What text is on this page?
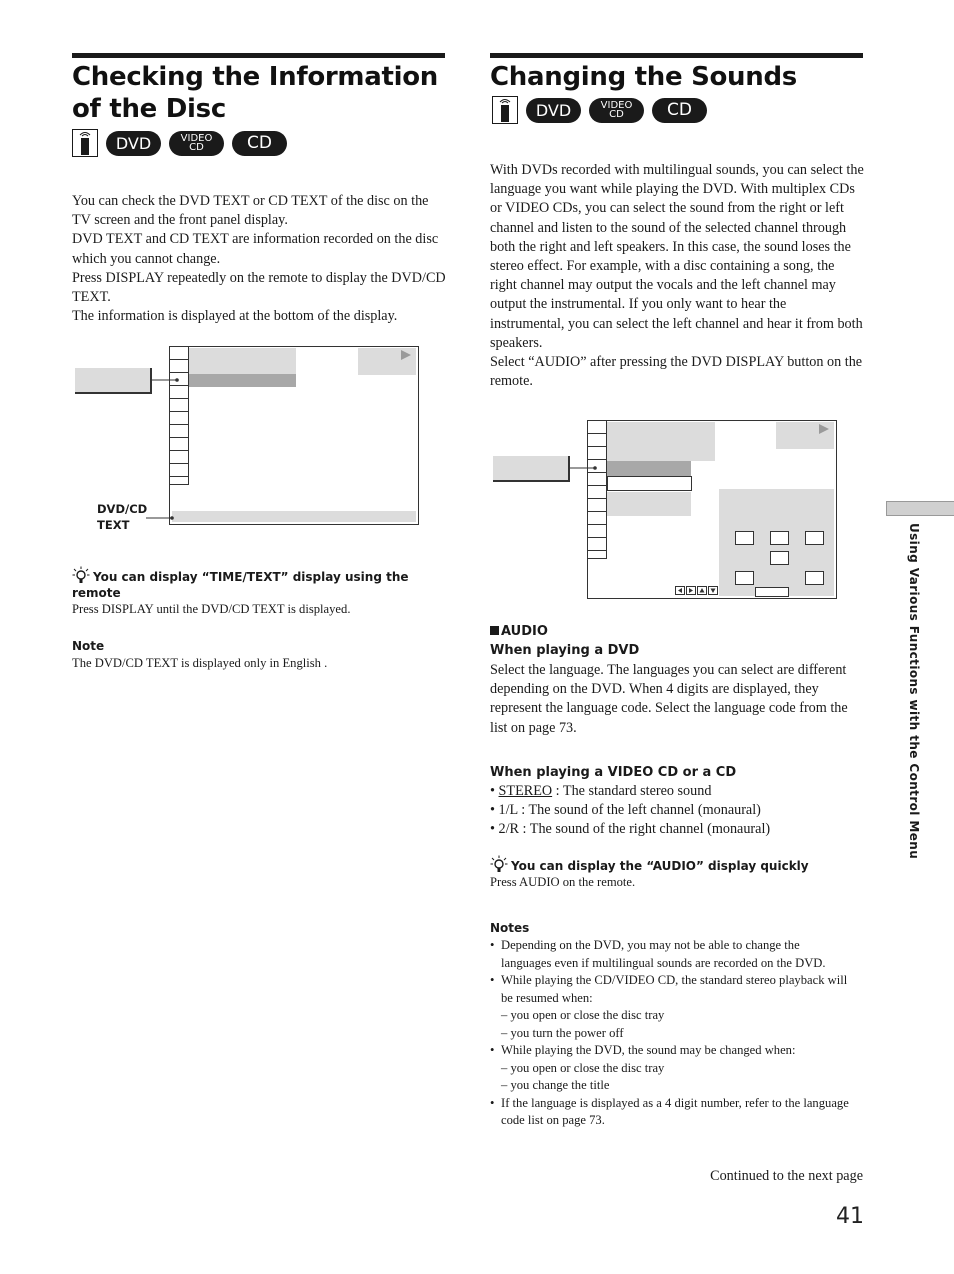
Checking the Information
of the Disc
DVD	VIDEO
CD	CD

You can check the DVD TEXT or CD TEXT of the disc on the TV screen and the front panel display.

DVD TEXT and CD TEXT are information recorded on the disc which you cannot change.

Press DISPLAY repeatedly on the remote to display the DVD/CD TEXT.

The information is displayed at the bottom of the display.

DVD/CD
TEXT
You can display “TIME/TEXT” display using the remote
Press DISPLAY until the DVD/CD TEXT is displayed.
Note
The DVD/CD TEXT is displayed only in English .
Changing the Sounds
DVD	VIDEO
CD	CD

With DVDs recorded with multilingual sounds, you can select the language you want while playing the DVD. With multiplex CDs or VIDEO CDs, you can select the sound from the right or left channel and listen to the sound of the selected channel through both the right and left speakers. In this case, the sound loses the stereo effect. For example, with a disc containing a song, the right channel may output the vocals and the left channel may output the instrumental. If you only want to hear the instrumental, you can select the left channel and hear it from both speakers.

Select “AUDIO” after pressing the DVD DISPLAY button on the remote.

AUDIO
When playing a DVD
Select the language. The languages you can select are different depending on the DVD. When 4 digits are displayed, they represent the language code. Select the language code from the list on page 73.
When playing a VIDEO CD or a CD
• STEREO : The standard stereo sound
• 1/L : The sound of the left channel (monaural)
• 2/R : The sound of the right channel (monaural)
You can display the “AUDIO” display quickly
Press AUDIO on the remote.
Notes
• Depending on the DVD, you may not be able to change the languages even if multilingual sounds are recorded on the DVD.
• While playing the CD/VIDEO CD, the standard stereo playback will be resumed when:
– you open or close the disc tray
– you turn the power off
• While playing the DVD, the sound may be changed when:
– you open or close the disc tray
– you change the title
• If the language is displayed as a 4 digit number, refer to the language code list on page 73.
Continued to the next page
Using Various Functions with the Control Menu
41
